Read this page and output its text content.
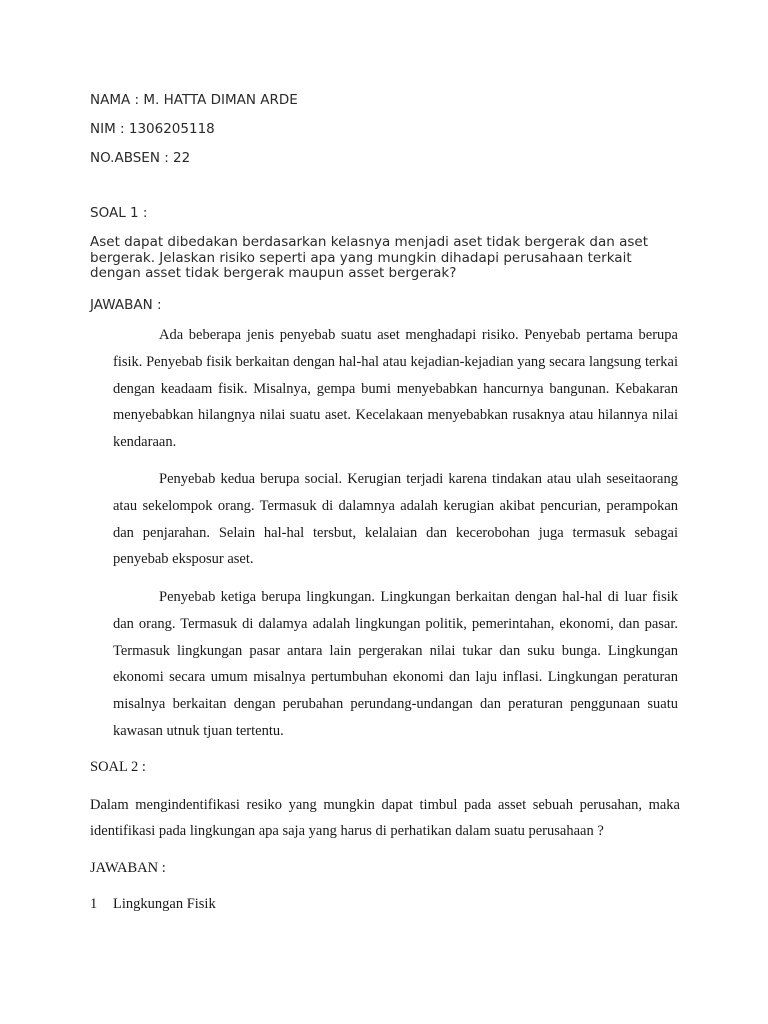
NAMA : M. HATTA DIMAN ARDE
NIM : 1306205118
NO.ABSEN : 22
SOAL 1 :
Aset dapat dibedakan berdasarkan kelasnya menjadi aset tidak bergerak dan aset bergerak. Jelaskan risiko seperti apa yang mungkin dihadapi perusahaan terkait dengan asset tidak bergerak maupun asset bergerak?
JAWABAN :
Ada beberapa jenis penyebab suatu aset menghadapi risiko. Penyebab pertama berupa fisik. Penyebab fisik berkaitan dengan hal-hal atau kejadian-kejadian yang secara langsung terkai dengan keadaam fisik. Misalnya, gempa bumi menyebabkan hancurnya bangunan. Kebakaran menyebabkan hilangnya nilai suatu aset. Kecelakaan menyebabkan rusaknya atau hilannya nilai kendaraan.
Penyebab kedua berupa social. Kerugian terjadi karena tindakan atau ulah seseitaorang atau sekelompok orang. Termasuk di dalamnya adalah kerugian akibat pencurian, perampokan dan penjarahan. Selain hal-hal tersbut, kelalaian dan kecerobohan juga termasuk sebagai penyebab eksposur aset.
Penyebab ketiga berupa lingkungan. Lingkungan berkaitan dengan hal-hal di luar fisik dan orang. Termasuk di dalamya adalah lingkungan politik, pemerintahan, ekonomi, dan pasar. Termasuk lingkungan pasar antara lain pergerakan nilai tukar dan suku bunga. Lingkungan ekonomi secara umum misalnya pertumbuhan ekonomi dan laju inflasi. Lingkungan peraturan misalnya berkaitan dengan perubahan perundang-undangan dan peraturan penggunaan suatu kawasan utnuk tjuan tertentu.
SOAL 2 :
Dalam mengindentifikasi resiko yang mungkin dapat timbul pada asset sebuah perusahan, maka identifikasi pada lingkungan apa saja yang harus di perhatikan dalam suatu perusahaan ?
JAWABAN :
1 Lingkungan Fisik
